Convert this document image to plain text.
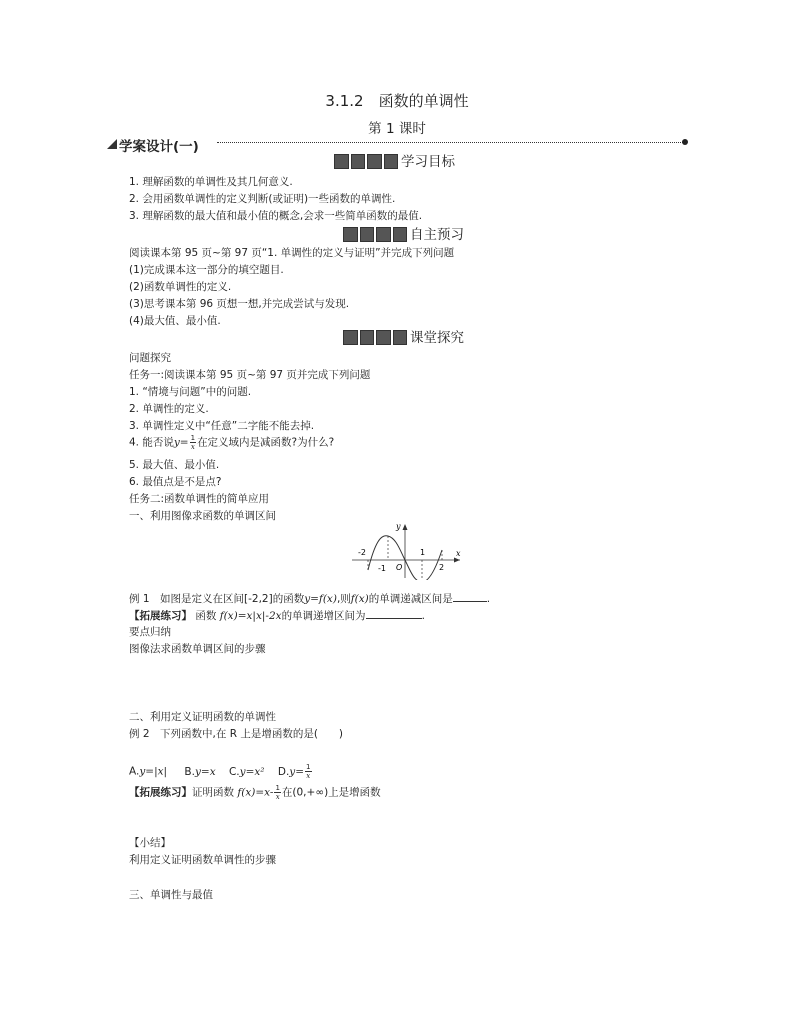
3.1.2　函数的单调性
第 1 课时
学案设计(一)
学习目标
1. 理解函数的单调性及其几何意义.
2. 会用函数单调性的定义判断(或证明)一些函数的单调性.
3. 理解函数的最大值和最小值的概念,会求一些简单函数的最值.
自主预习
阅读课本第 95 页~第 97 页“1. 单调性的定义与证明”并完成下列问题
(1)完成课本这一部分的填空题目.
(2)函数单调性的定义.
(3)思考课本第 96 页想一想,并完成尝试与发现.
(4)最大值、最小值.
课堂探究
问题探究
任务一:阅读课本第 95 页~第 97 页并完成下列问题
1. “情境与问题”中的问题.
2. 单调性的定义.
3. 单调性定义中“任意”二字能不能去掉.
4. 能否说$y= \frac{1}{x}$ 在定义域内是减函数?为什么?
5. 最大值、最小值.
6. 最值点是不是点?
任务二:函数单调性的简单应用
一、利用图像求函数的单调区间
x
y
-2
-1 O
1
2
例 1　如图是定义在区间[-2,2]的函数y=f(x),则f(x)的单调递减区间是	.
【拓展练习】 函数 f(x)=x|x|-2x的单调递增区间为	.
要点归纳
图像法求函数单调区间的步骤
二、利用定义证明函数的单调性
例 2　下列函数中,在 R 上是增函数的是(　　)
A.y=|x| B.y=x C.y=x² $D.y= \frac{1}{x}$
【拓展练习】证明函数 $f(x)=x- \frac{1}{x}$ 在(0,+∞)上是增函数
【小结】
利用定义证明函数单调性的步骤
三、单调性与最值
